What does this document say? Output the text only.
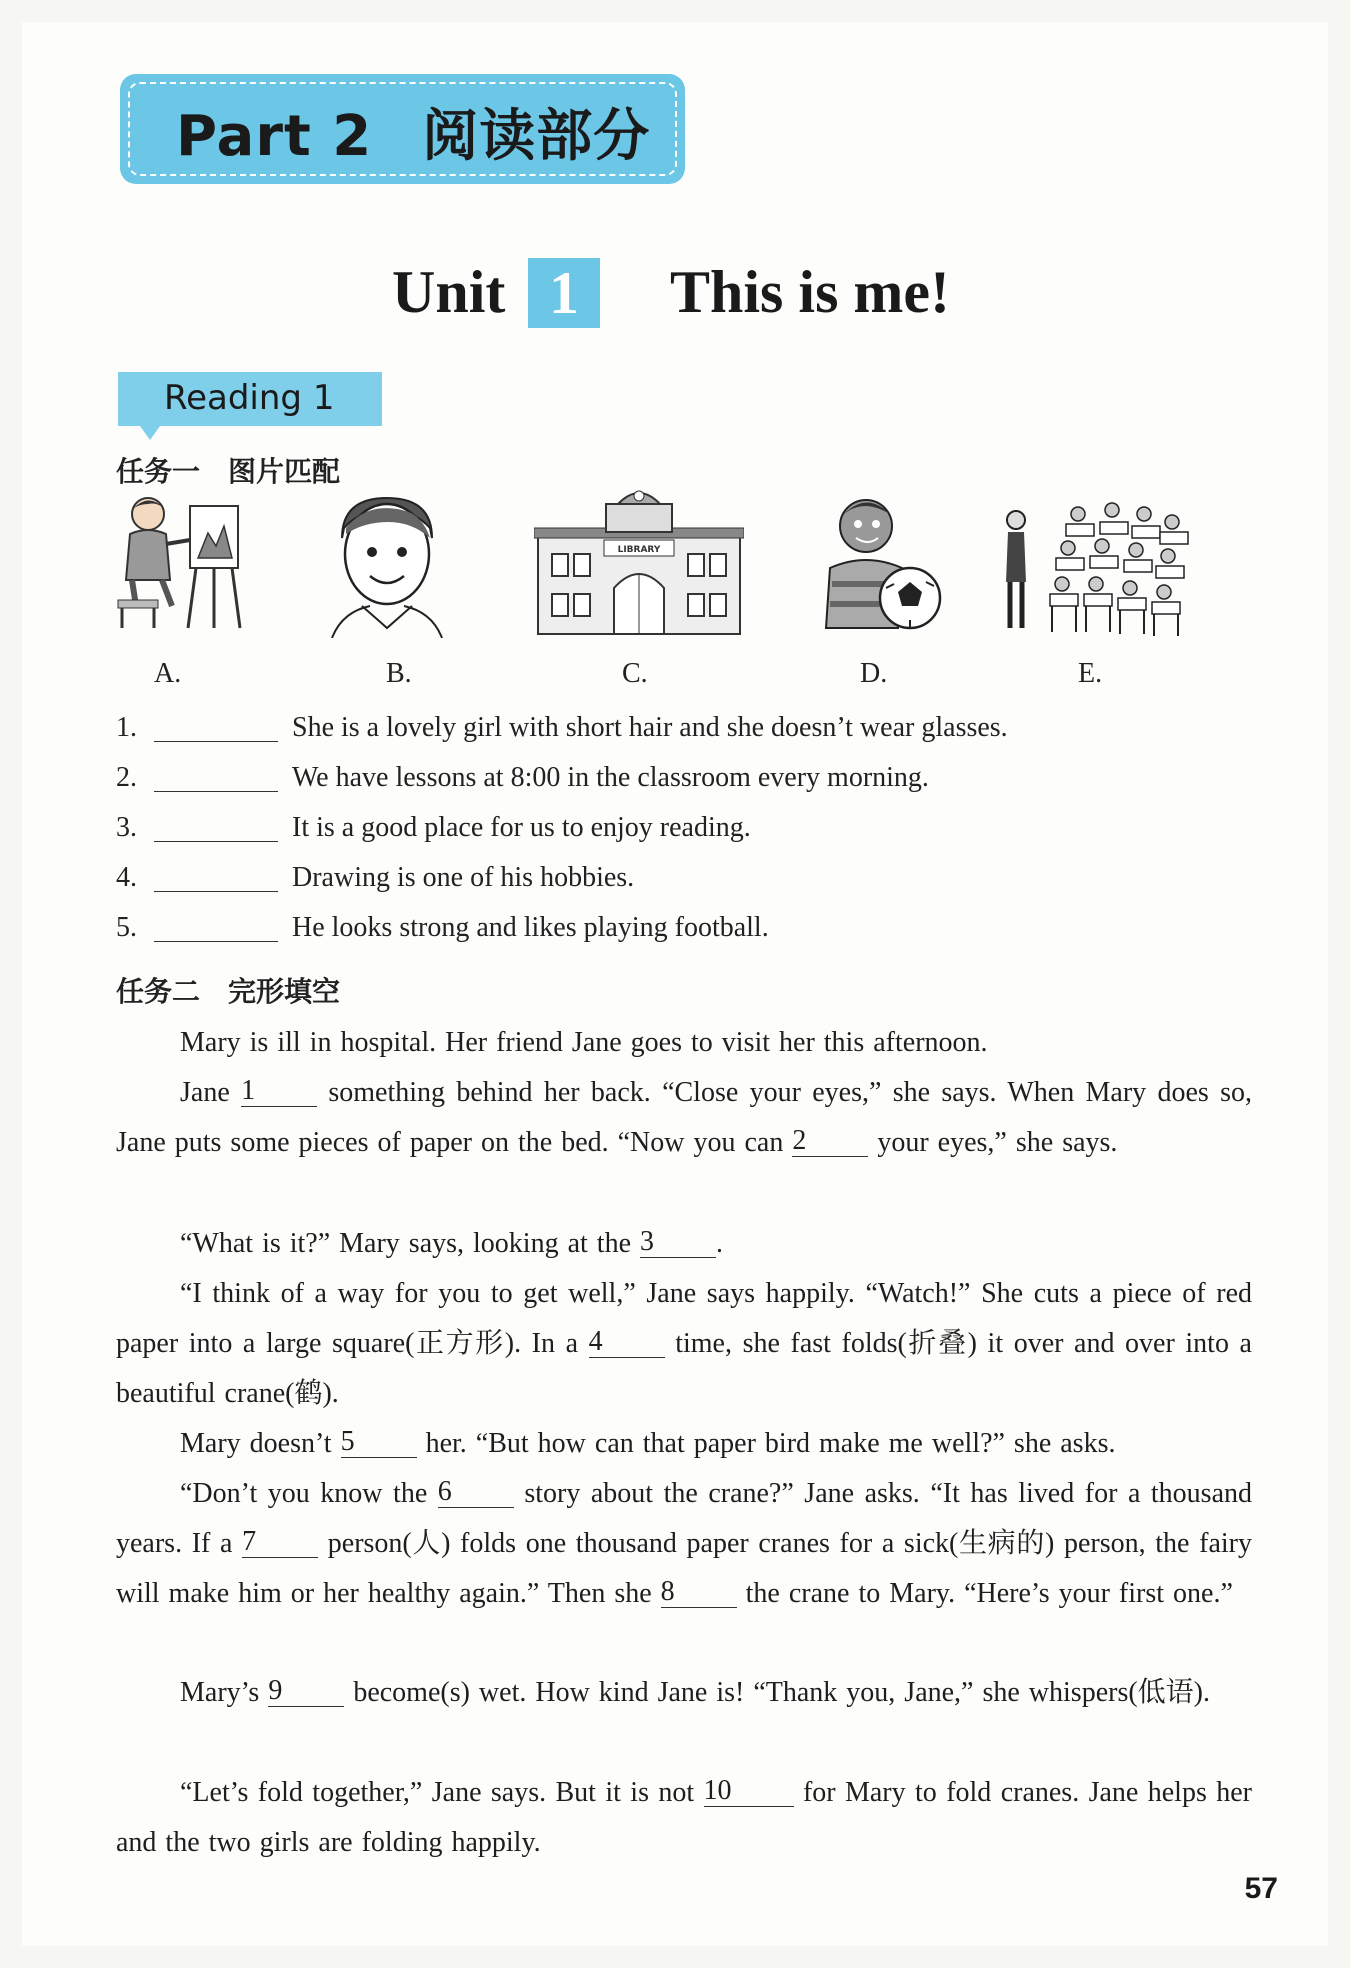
Part 2 阅读部分
Unit 1	This is me!
Reading 1
任务一　图片匹配
A.	B.
LIBRARY
C.	D.	E.
1.	She is a lovely girl with short hair and she doesn’t wear glasses.
2.	We have lessons at 8:00 in the classroom every morning.
3.	It is a good place for us to enjoy reading.
4.	Drawing is one of his hobbies.
5.	He looks strong and likes playing football.
任务二　完形填空
Mary is ill in hospital. Her friend Jane goes to visit her this afternoon.
Jane 1 something behind her back. “Close your eyes,” she says. When Mary does so, Jane puts some pieces of paper on the bed. “Now you can 2 your eyes,” she says.
“What is it?” Mary says, looking at the 3 .
“I think of a way for you to get well,” Jane says happily. “Watch!” She cuts a piece of red paper into a large square(正方形). In a 4 time, she fast folds(折叠) it over and over into a beautiful crane(鹤).
Mary doesn’t 5 her. “But how can that paper bird make me well?” she asks.
“Don’t you know the 6 story about the crane?” Jane asks. “It has lived for a thousand years. If a 7 person(人) folds one thousand paper cranes for a sick(生病的) person, the fairy will make him or her healthy again.” Then she 8 the crane to Mary. “Here’s your first one.”
Mary’s 9 become(s) wet. How kind Jane is! “Thank you, Jane,” she whispers(低语).
“Let’s fold together,” Jane says. But it is not 10 for Mary to fold cranes. Jane helps her and the two girls are folding happily.
57
